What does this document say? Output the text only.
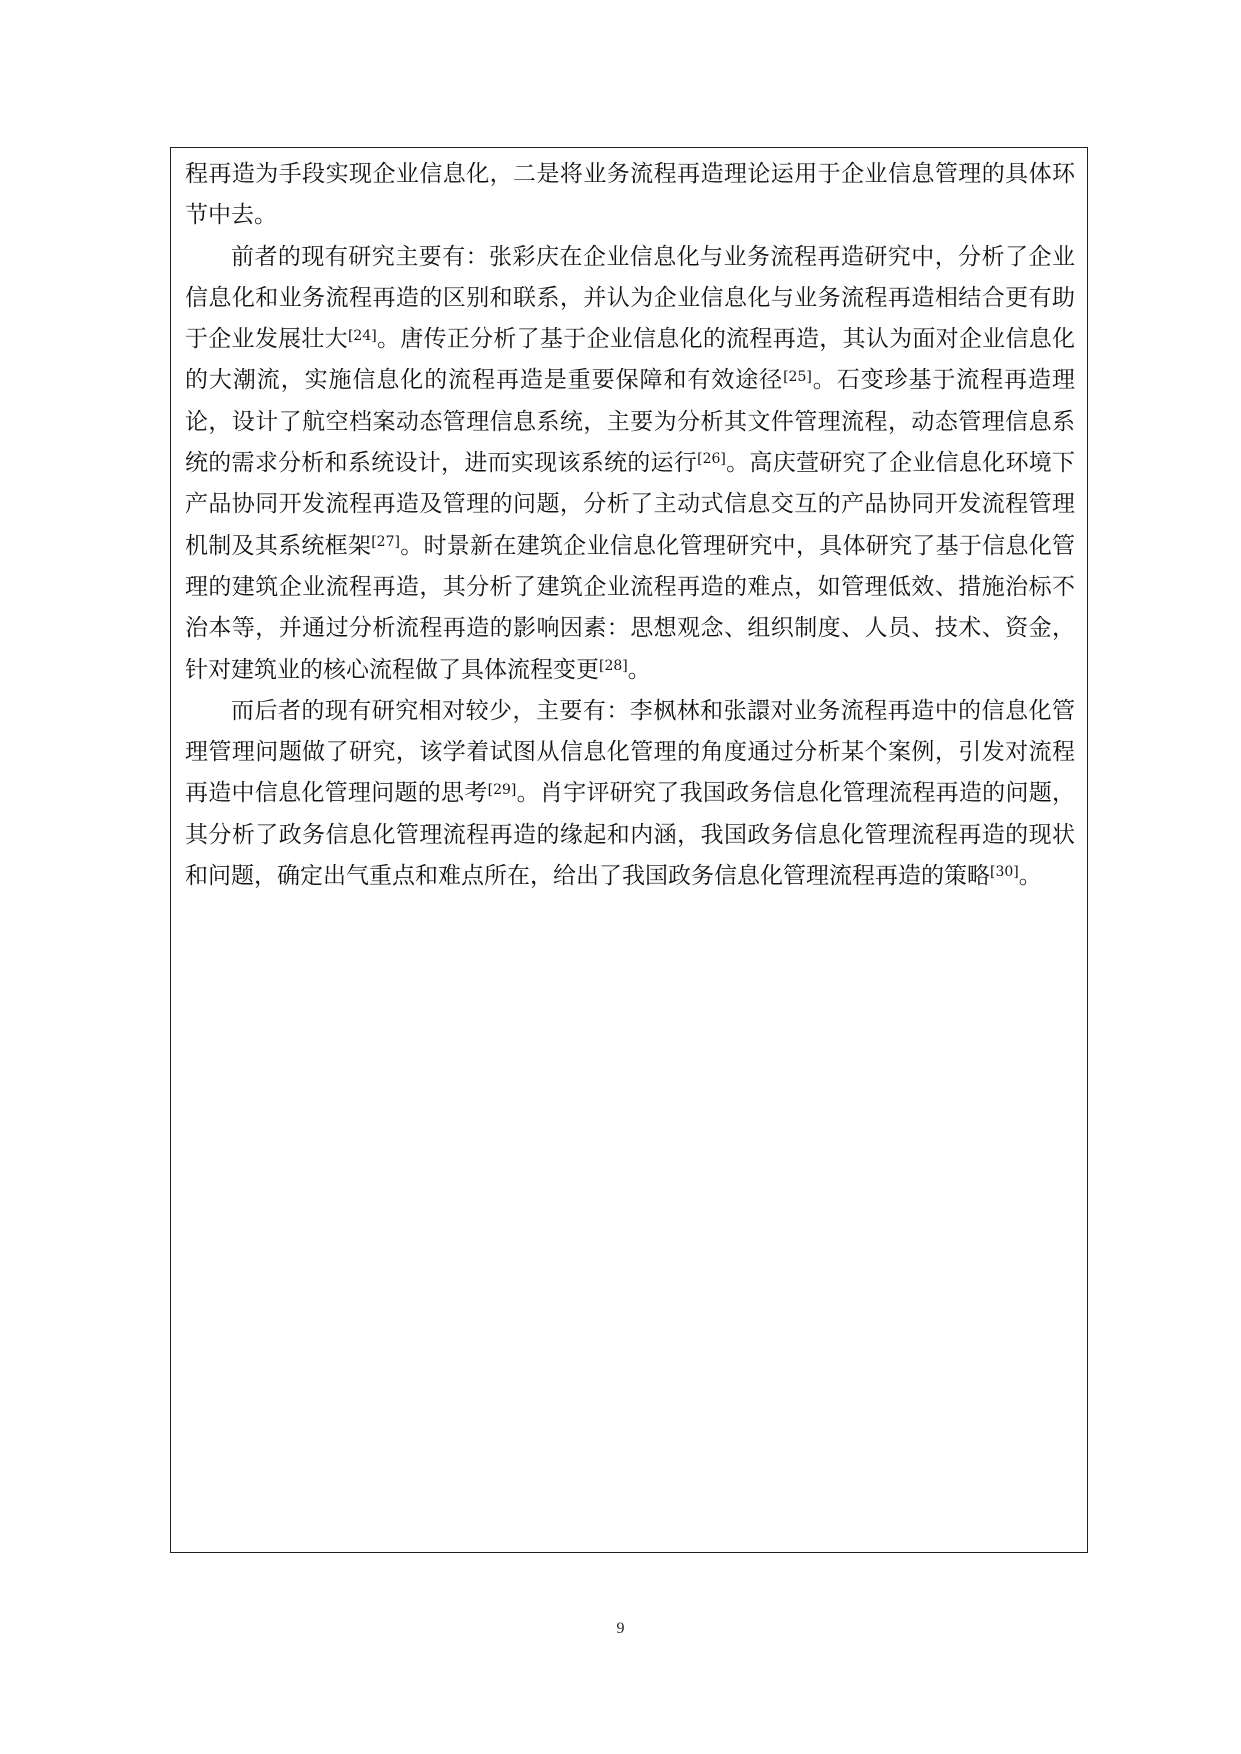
程再造为手段实现企业信息化，二是将业务流程再造理论运用于企业信息管理的具体环节中去。

前者的现有研究主要有：张彩庆在企业信息化与业务流程再造研究中，分析了企业信息化和业务流程再造的区别和联系，并认为企业信息化与业务流程再造相结合更有助于企业发展壮大[24]。唐传正分析了基于企业信息化的流程再造，其认为面对企业信息化的大潮流，实施信息化的流程再造是重要保障和有效途径[25]。石变珍基于流程再造理论，设计了航空档案动态管理信息系统，主要为分析其文件管理流程，动态管理信息系统的需求分析和系统设计，进而实现该系统的运行[26]。高庆萱研究了企业信息化环境下产品协同开发流程再造及管理的问题，分析了主动式信息交互的产品协同开发流程管理机制及其系统框架[27]。时景新在建筑企业信息化管理研究中，具体研究了基于信息化管理的建筑企业流程再造，其分析了建筑企业流程再造的难点，如管理低效、措施治标不治本等，并通过分析流程再造的影响因素：思想观念、组织制度、人员、技术、资金，针对建筑业的核心流程做了具体流程变更[28]。

而后者的现有研究相对较少，主要有：李枫林和张譞对业务流程再造中的信息化管理管理问题做了研究，该学着试图从信息化管理的角度通过分析某个案例，引发对流程再造中信息化管理问题的思考[29]。肖宇评研究了我国政务信息化管理流程再造的问题，其分析了政务信息化管理流程再造的缘起和内涵，我国政务信息化管理流程再造的现状和问题，确定出气重点和难点所在，给出了我国政务信息化管理流程再造的策略[30]。

9
